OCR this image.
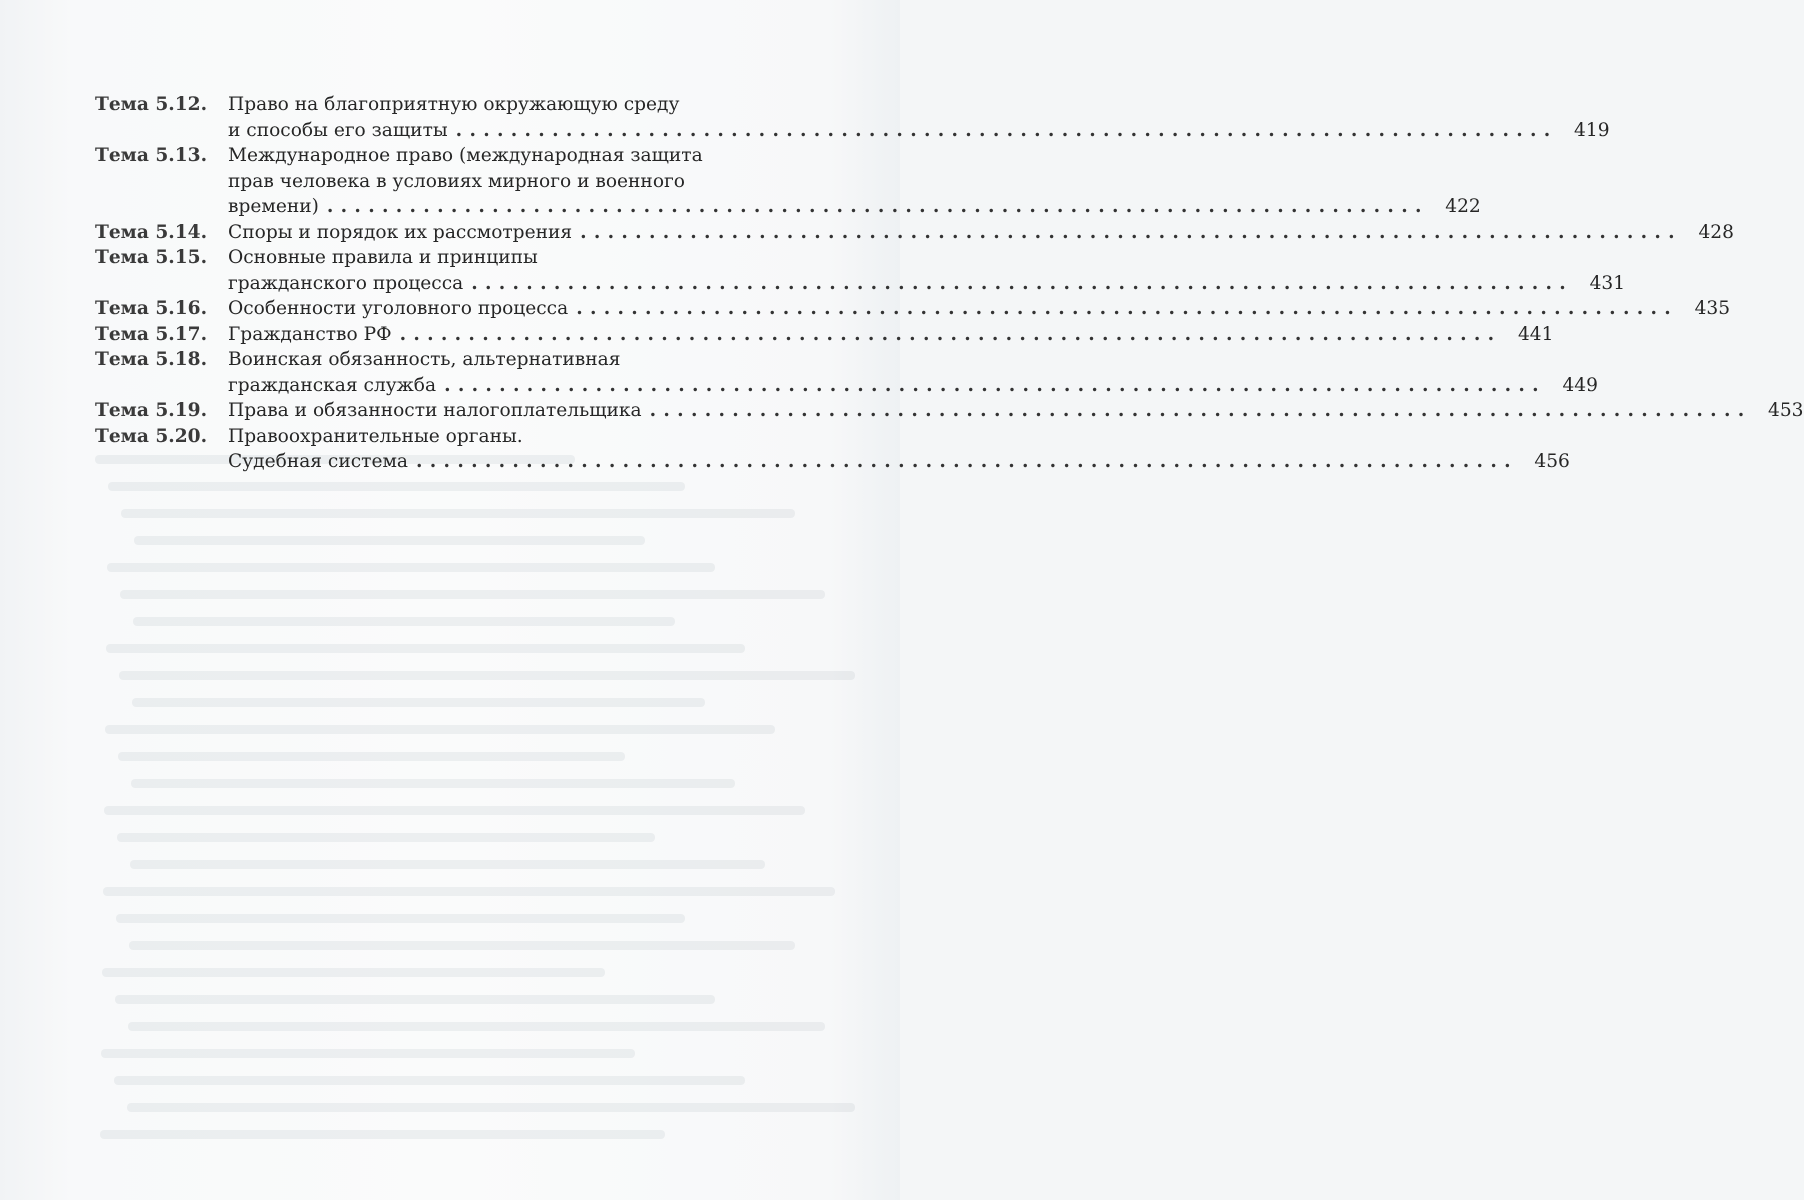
Тема 5.12. Право на благоприятную окружающую среду
и способы его защиты ................................................................................ 419
Тема 5.13. Международное право (международная защита
прав человека в условиях мирного и военного
времени) ................................................................................ 422
Тема 5.14. Споры и порядок их рассмотрения ................................................................................ 428
Тема 5.15. Основные правила и принципы
гражданского процесса ................................................................................ 431
Тема 5.16. Особенности уголовного процесса ................................................................................ 435
Тема 5.17. Гражданство РФ ................................................................................ 441
Тема 5.18. Воинская обязанность, альтернативная
гражданская служба ................................................................................ 449
Тема 5.19. Права и обязанности налогоплательщика ................................................................................ 453
Тема 5.20. Правоохранительные органы.
Судебная система ................................................................................ 456
